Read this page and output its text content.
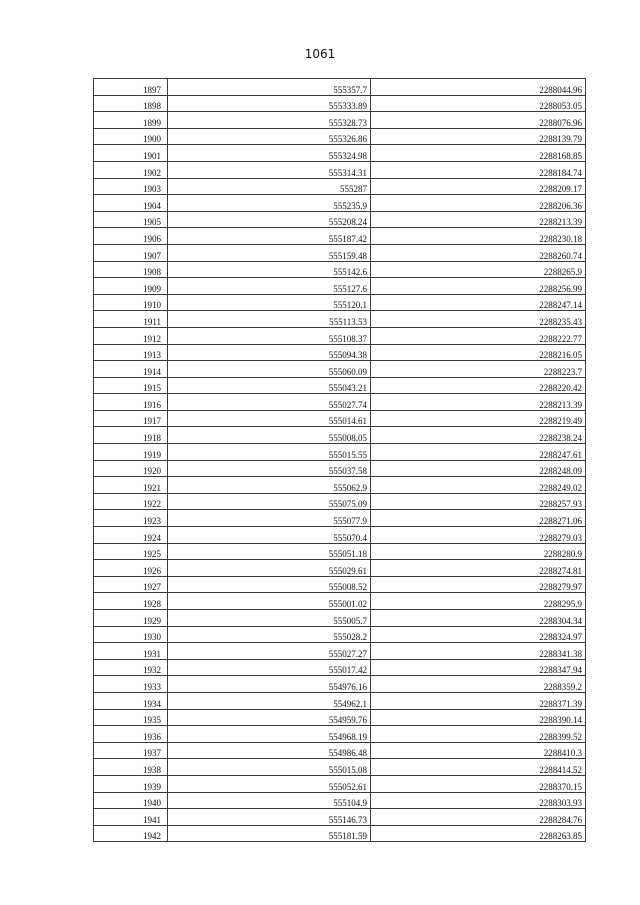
1061
1897	555357.7	2288044.96
1898	555333.89	2288053.05
1899	555328.73	2288076.96
1900	555326.86	2288139.79
1901	555324.98	2288168.85
1902	555314.31	2288184.74
1903	555287	2288209.17
1904	555235.9	2288206.36
1905	555208.24	2288213.39
1906	555187.42	2288230.18
1907	555159.48	2288260.74
1908	555142.6	2288265.9
1909	555127.6	2288256.99
1910	555120.1	2288247.14
1911	555113.53	2288235.43
1912	555108.37	2288222.77
1913	555094.38	2288216.05
1914	555060.09	2288223.7
1915	555043.21	2288220.42
1916	555027.74	2288213.39
1917	555014.61	2288219.49
1918	555008.05	2288238.24
1919	555015.55	2288247.61
1920	555037.58	2288248.09
1921	555062.9	2288249.02
1922	555075.09	2288257.93
1923	555077.9	2288271.06
1924	555070.4	2288279.03
1925	555051.18	2288280.9
1926	555029.61	2288274.81
1927	555008.52	2288279.97
1928	555001.02	2288295.9
1929	555005.7	2288304.34
1930	555028.2	2288324.97
1931	555027.27	2288341.38
1932	555017.42	2288347.94
1933	554976.16	2288359.2
1934	554962.1	2288371.39
1935	554959.76	2288390.14
1936	554968.19	2288399.52
1937	554986.48	2288410.3
1938	555015.08	2288414.52
1939	555052.61	2288370.15
1940	555104.9	2288303.93
1941	555146.73	2288284.76
1942	555181.59	2288263.85
